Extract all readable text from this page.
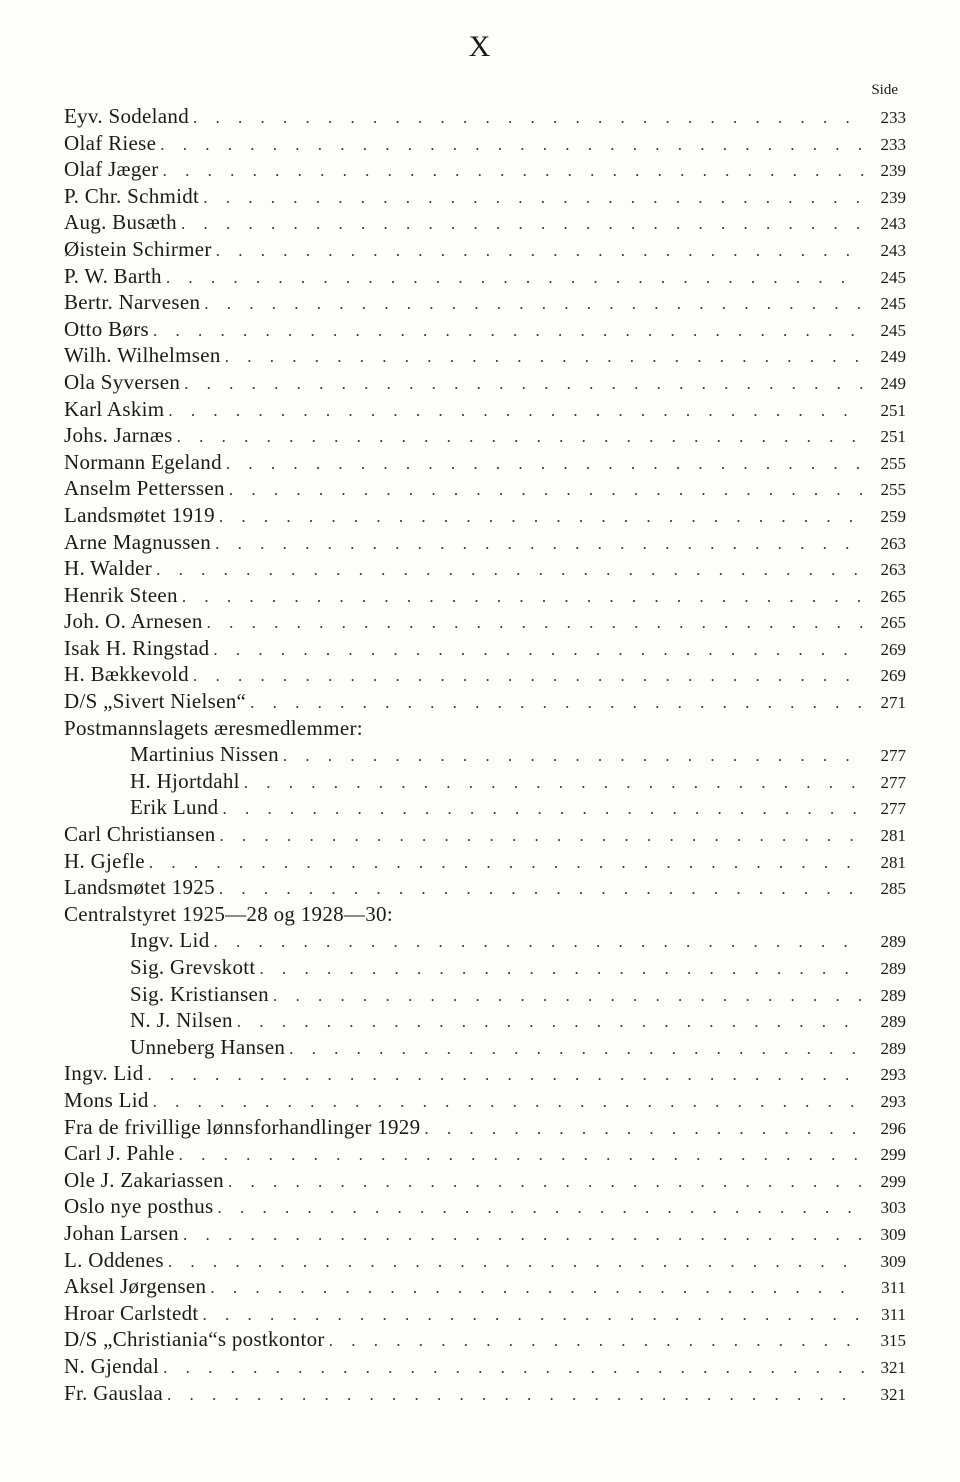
X
Side
Eyv. Sodeland . . .	233
Olaf Riese . . .	233
Olaf Jæger . . .	239
P. Chr. Schmidt . . .	239
Aug. Busæth . . .	243
Øistein Schirmer . . .	243
P. W. Barth . . .	245
Bertr. Narvesen . . .	245
Otto Børs . . .	245
Wilh. Wilhelmsen . . .	249
Ola Syversen . . .	249
Karl Askim . . .	251
Johs. Jarnæs . . .	251
Normann Egeland . . .	255
Anselm Petterssen . . .	255
Landsmøtet 1919 . . .	259
Arne Magnussen . . .	263
H. Walder . . .	263
Henrik Steen . . .	265
Joh. O. Arnesen . . .	265
Isak H. Ringstad . . .	269
H. Bækkevold . . .	269
D/S „Sivert Nielsen“ . . .	271
Postmannslagets æresmedlemmer:
Martinius Nissen . . .	277
H. Hjortdahl . . .	277
Erik Lund . . .	277
Carl Christiansen . . .	281
H. Gjefle . . .	281
Landsmøtet 1925 . . .	285
Centralstyret 1925—28 og 1928—30:
Ingv. Lid . . .	289
Sig. Grevskott . . .	289
Sig. Kristiansen . . .	289
N. J. Nilsen . . .	289
Unneberg Hansen . . .	289
Ingv. Lid . . .	293
Mons Lid . . .	293
Fra de frivillige lønnsforhandlinger 1929 . . .	296
Carl J. Pahle . . .	299
Ole J. Zakariassen . . .	299
Oslo nye posthus . . .	303
Johan Larsen . . .	309
L. Oddenes . . .	309
Aksel Jørgensen . . .	311
Hroar Carlstedt . . .	311
D/S „Christiania“s postkontor . . .	315
N. Gjendal . . .	321
Fr. Gauslaa . . .	321
